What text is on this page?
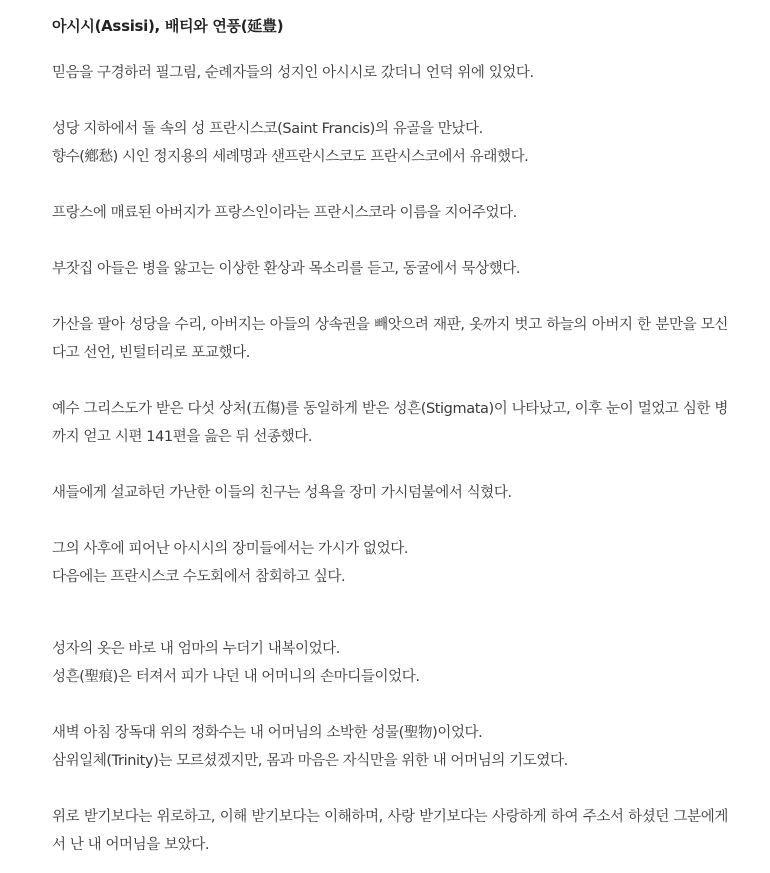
아시시(Assisi), 배티와 연풍(延豊)

믿음을 구경하러 필그림, 순례자들의 성지인 아시시로 갔더니 언덕 위에 있었다.

성당 지하에서 돌 속의 성 프란시스코(Saint Francis)의 유골을 만났다.
향수(鄕愁) 시인 정지용의 세례명과 샌프란시스코도 프란시스코에서 유래했다.

프랑스에 매료된 아버지가 프랑스인이라는 프란시스코라 이름을 지어주었다.

부잣집 아들은 병을 앓고는 이상한 환상과 목소리를 듣고, 동굴에서 묵상했다.

가산을 팔아 성당을 수리, 아버지는 아들의 상속권을 빼앗으려 재판, 옷까지 벗고 하늘의 아버지 한 분만을 모신다고 선언, 빈털터리로 포교했다.

예수 그리스도가 받은 다섯 상처(五傷)를 동일하게 받은 성흔(Stigmata)이 나타났고, 이후 눈이 멀었고 심한 병까지 얻고 시편 141편을 읊은 뒤 선종했다.

새들에게 설교하던 가난한 이들의 친구는 성욕을 장미 가시덤불에서 식혔다.

그의 사후에 피어난 아시시의 장미들에서는 가시가 없었다.
다음에는 프란시스코 수도회에서 참회하고 싶다.

성자의 옷은 바로 내 엄마의 누더기 내복이었다.
성흔(聖痕)은 터져서 피가 나던 내 어머니의 손마디들이었다.

새벽 아침 장독대 위의 정화수는 내 어머님의 소박한 성물(聖物)이었다.
삼위일체(Trinity)는 모르셨겠지만, 몸과 마음은 자식만을 위한 내 어머님의 기도였다.

위로 받기보다는 위로하고, 이해 받기보다는 이해하며, 사랑 받기보다는 사랑하게 하여 주소서 하셨던 그분에게서 난 내 어머님을 보았다.
